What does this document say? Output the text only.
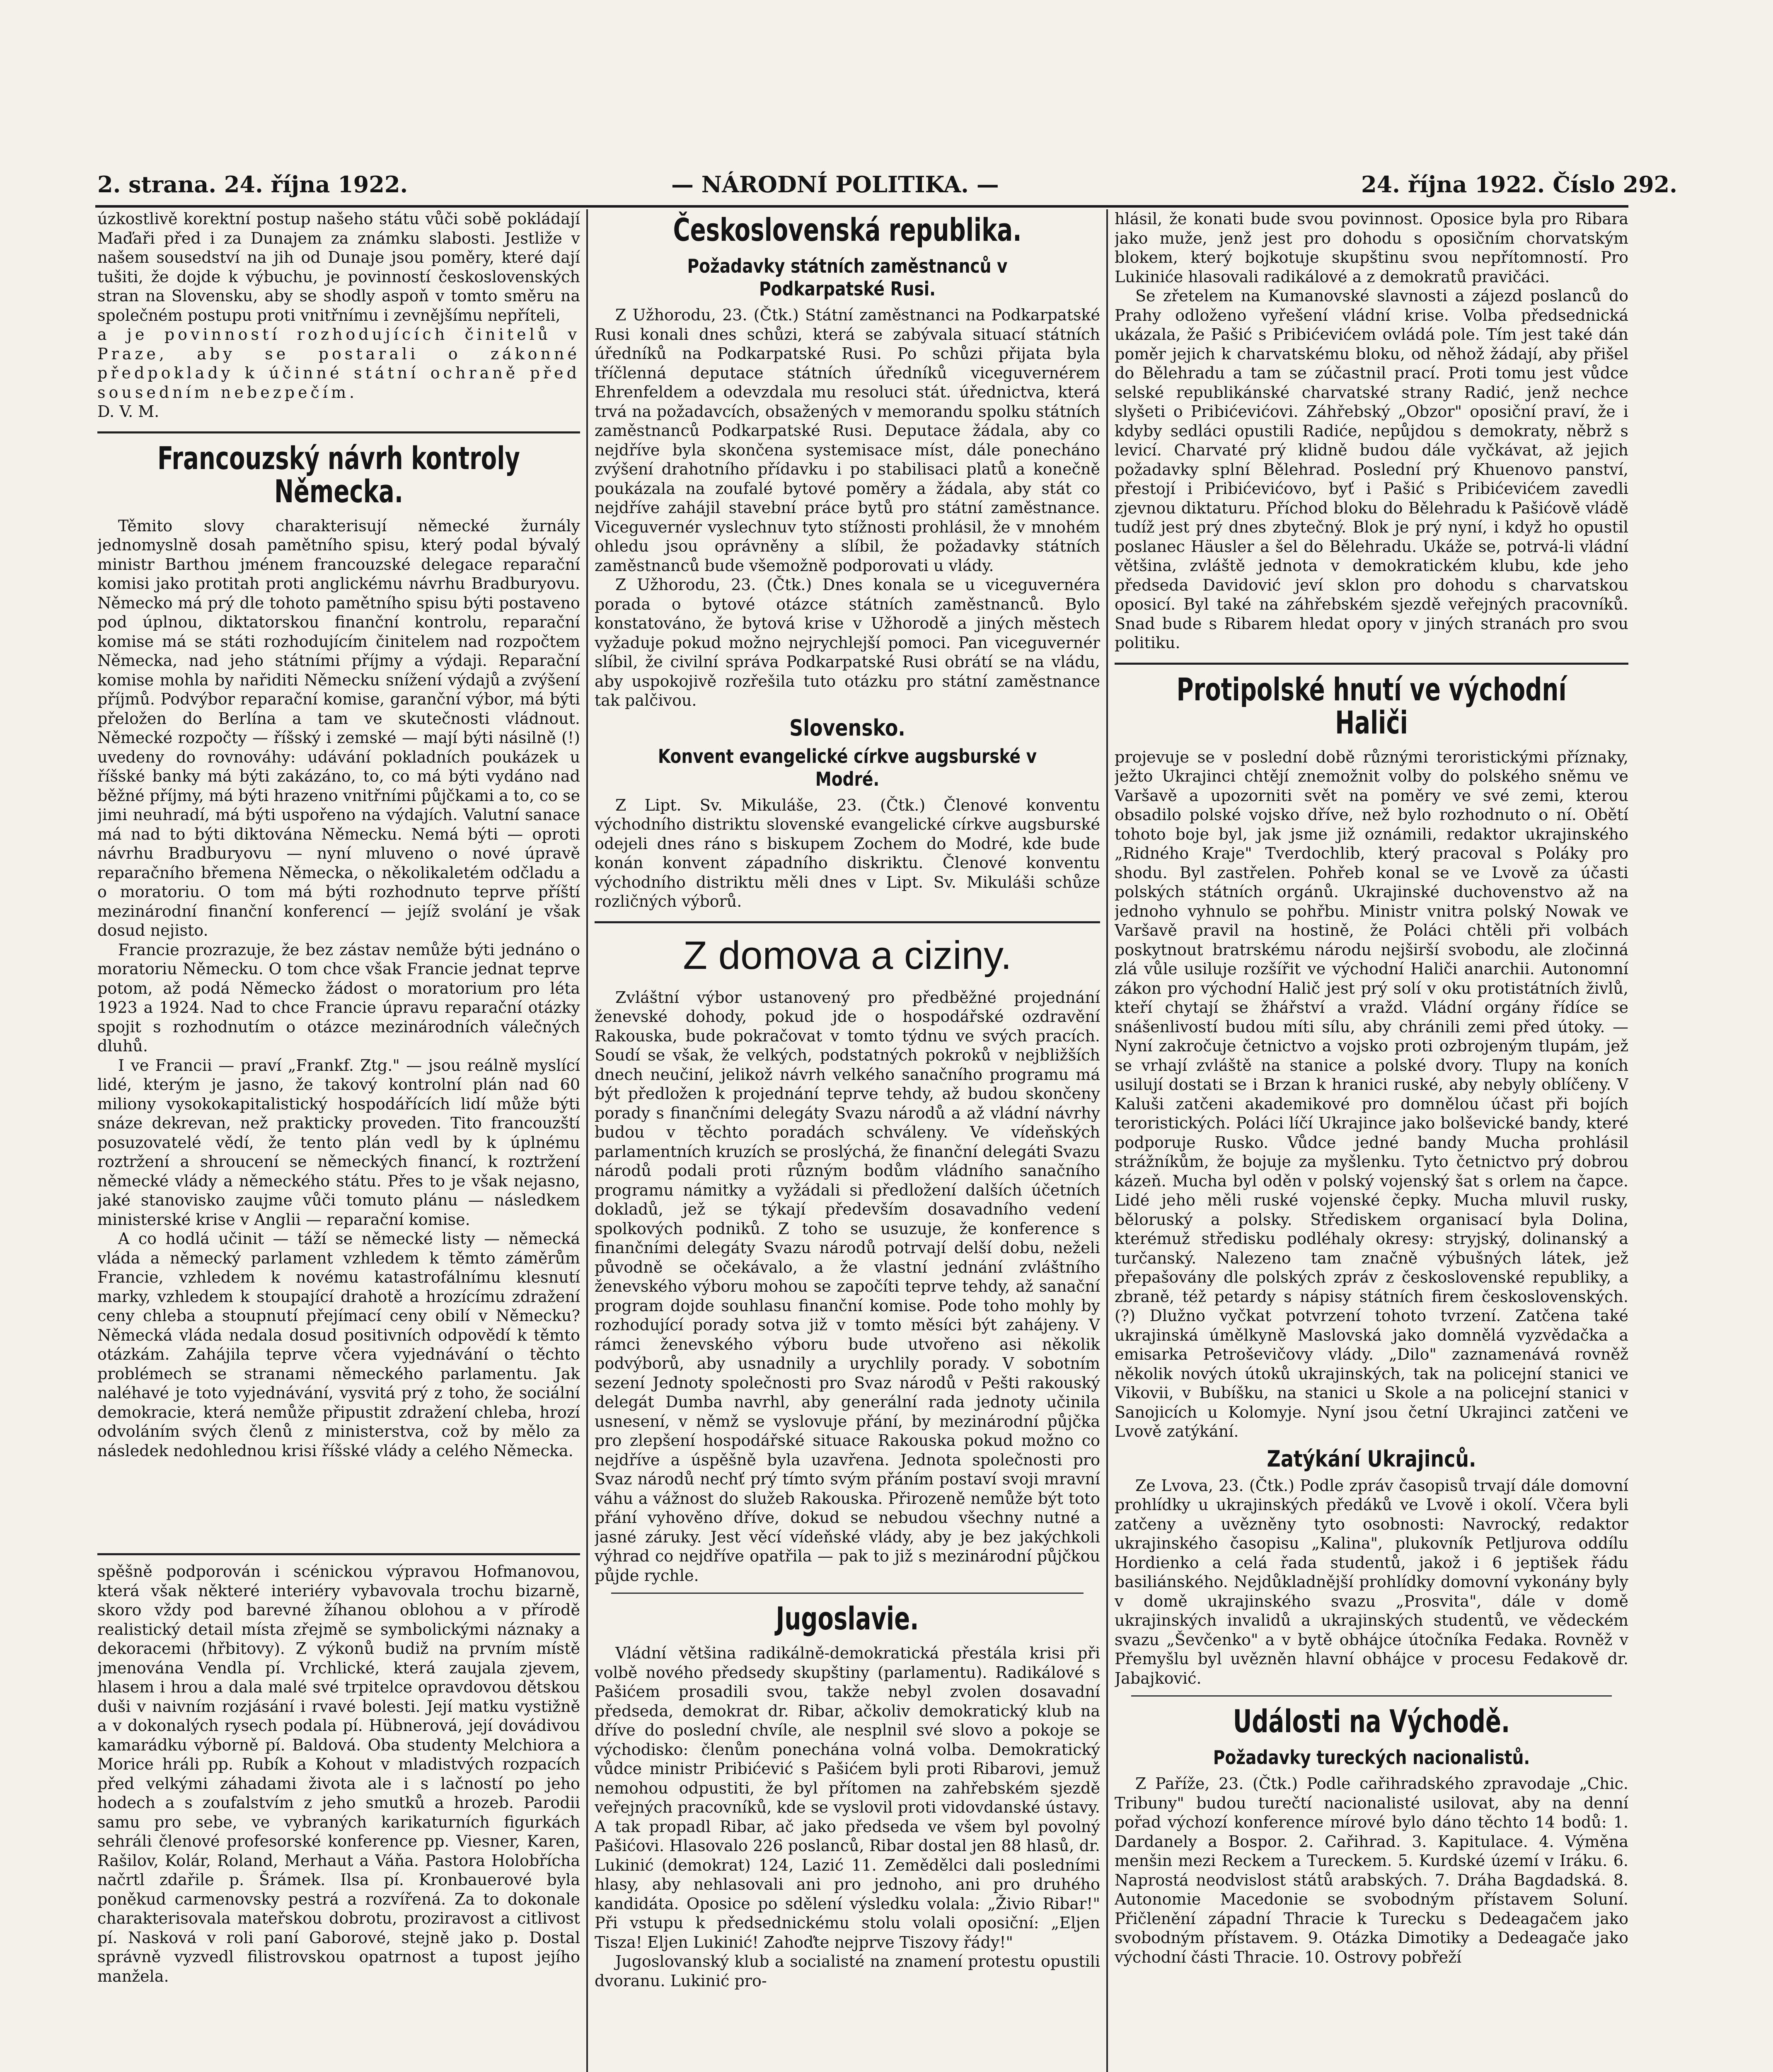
2. strana. 24. října 1922.	— NÁRODNÍ POLITIKA. —	24. října 1922. Číslo 292.

úzkostlivě korektní postup našeho státu vůči sobě pokládají Maďaři před i za Dunajem za známku slabosti. Jestliže v našem sousedství na jih od Dunaje jsou poměry, které dají tušiti, že dojde k výbuchu, je povinností československých stran na Slovensku, aby se shodly aspoň v tomto směru na společném postupu proti vnitřnímu i zevnějšímu nepříteli,

a je povinností rozhodujících činitelů v Praze, aby se postarali o zákonné předpoklady k účinné státní ochraně před sousedním nebezpečím.

D. V. M.

Francouzský návrh kontroly Německa.

Těmito slovy charakterisují německé žurnály jednomyslně dosah pamětního spisu, který podal bývalý ministr Barthou jménem francouzské delegace reparační komisi jako protitah proti anglickému návrhu Bradburyovu. Německo má prý dle tohoto pamětního spisu býti postaveno pod úplnou, diktatorskou finanční kontrolu, reparační komise má se státi rozhodujícím činitelem nad rozpočtem Německa, nad jeho státními příjmy a výdaji. Reparační komise mohla by nařiditi Německu snížení výdajů a zvýšení příjmů. Podvýbor reparační komise, garanční výbor, má býti přeložen do Berlína a tam ve skutečnosti vládnout. Německé rozpočty — říšský i zemské — mají býti násilně (!) uvedeny do rovnováhy: udávání pokladních poukázek u říšské banky má býti zakázáno, to, co má býti vydáno nad běžné příjmy, má býti hrazeno vnitřními půjčkami a to, co se jimi neuhradí, má býti uspořeno na výdajích. Valutní sanace má nad to býti diktována Německu. Nemá býti — oproti návrhu Bradburyovu — nyní mluveno o nové úpravě reparačního břemena Německa, o několikaletém odčladu a o moratoriu. O tom má býti rozhodnuto teprve příští mezinárodní finanční konferencí — jejíž svolání je však dosud nejisto.

Francie prozrazuje, že bez zástav nemůže býti jednáno o moratoriu Německu. O tom chce však Francie jednat teprve potom, až podá Německo žádost o moratorium pro léta 1923 a 1924. Nad to chce Francie úpravu reparační otázky spojit s rozhodnutím o otázce mezinárodních válečných dluhů.

I ve Francii — praví „Frankf. Ztg." — jsou reálně myslící lidé, kterým je jasno, že takový kontrolní plán nad 60 miliony vysokokapitalistický hospodářících lidí může býti snáze dekrevan, než prakticky proveden. Tito francouzští posuzovatelé vědí, že tento plán vedl by k úplnému roztržení a shroucení se německých financí, k roztržení německé vlády a německého státu. Přes to je však nejasno, jaké stanovisko zaujme vůči tomuto plánu — následkem ministerské krise v Anglii — reparační komise.

A co hodlá učinit — táží se německé listy — německá vláda a německý parlament vzhledem k těmto záměrům Francie, vzhledem k novému katastrofálnímu klesnutí marky, vzhledem k stoupající drahotě a hrozícímu zdražení ceny chleba a stoupnutí přejímací ceny obilí v Německu? Německá vláda nedala dosud positivních odpovědí k těmto otázkám. Zahájila teprve včera vyjednávání o těchto problémech se stranami německého parlamentu. Jak naléhavé je toto vyjednávání, vysvitá prý z toho, že sociální demokracie, která nemůže připustit zdražení chleba, hrozí odvoláním svých členů z ministerstva, což by mělo za následek nedohlednou krisi říšské vlády a celého Německa.

spěšně podporován i scénickou výpravou Hofmanovou, která však některé interiéry vybavovala trochu bizarně, skoro vždy pod barevné žíhanou oblohou a v přírodě realistický detail místa zřejmě se symbolickými náznaky a dekoracemi (hřbitovy). Z výkonů budiž na prvním místě jmenována Vendla pí. Vrchlické, která zaujala zjevem, hlasem i hrou a dala malé své trpitelce opravdovou dětskou duši v naivním rozjásání i rvavé bolesti. Její matku vystižně a v dokonalých rysech podala pí. Hübnerová, její dovádivou kamarádku výborně pí. Baldová. Oba studenty Melchiora a Morice hráli pp. Rubík a Kohout v mladistvých rozpacích před velkými záhadami života ale i s lačností po jeho hodech a s zoufalstvím z jeho smutků a hrozeb. Parodii samu pro sebe, ve vybraných karikaturních figurkách sehráli členové profesorské konference pp. Viesner, Karen, Rašilov, Kolár, Roland, Merhaut a Váňa. Pastora Holobřícha načrtl zdařile p. Šrámek. Ilsa pí. Kronbauerové byla poněkud carmenovsky pestrá a rozvířená. Za to dokonale charakterisovala mateřskou dobrotu, proziravost a citlivost pí. Nasková v roli paní Gaborové, stejně jako p. Dostal správně vyzvedl filistrovskou opatrnost a tupost jejího manžela.

Československá republika.
Požadavky státních zaměstnanců v Podkarpatské Rusi.

Z Užhorodu, 23. (Čtk.) Státní zaměstnanci na Podkarpatské Rusi konali dnes schůzi, která se zabývala situací státních úředníků na Podkarpatské Rusi. Po schůzi přijata byla tříčlenná deputace státních úředníků viceguvernérem Ehrenfeldem a odevzdala mu resoluci stát. úřednictva, která trvá na požadavcích, obsažených v memorandu spolku státních zaměstnanců Podkarpatské Rusi. Deputace žádala, aby co nejdříve byla skončena systemisace míst, dále ponecháno zvýšení drahotního přídavku i po stabilisaci platů a konečně poukázala na zoufalé bytové poměry a žádala, aby stát co nejdříve zahájil stavební práce bytů pro státní zaměstnance. Viceguvernér vyslechnuv tyto stížnosti prohlásil, že v mnohém ohledu jsou oprávněny a slíbil, že požadavky státních zaměstnanců bude všemožně podporovati u vlády.

Z Užhorodu, 23. (Čtk.) Dnes konala se u viceguvernéra porada o bytové otázce státních zaměstnanců. Bylo konstatováno, že bytová krise v Užhorodě a jiných městech vyžaduje pokud možno nejrychlejší pomoci. Pan viceguvernér slíbil, že civilní správa Podkarpatské Rusi obrátí se na vládu, aby uspokojivě rozřešila tuto otázku pro státní zaměstnance tak palčivou.

Slovensko.
Konvent evangelické církve augsburské v Modré.

Z Lipt. Sv. Mikuláše, 23. (Čtk.) Členové konventu východního distriktu slovenské evangelické církve augsburské odejeli dnes ráno s biskupem Zochem do Modré, kde bude konán konvent západního diskriktu. Členové konventu východního distriktu měli dnes v Lipt. Sv. Mikuláši schůze rozličných výborů.

Z domova a ciziny.

Zvláštní výbor ustanovený pro předběžné projednání ženevské dohody, pokud jde o hospodářské ozdravění Rakouska, bude pokračovat v tomto týdnu ve svých pracích. Soudí se však, že velkých, podstatných pokroků v nejbližších dnech neučiní, jelikož návrh velkého sanačního programu má být předložen k projednání teprve tehdy, až budou skončeny porady s finančními delegáty Svazu národů a až vládní návrhy budou v těchto poradách schváleny. Ve vídeňských parlamentních kruzích se proslýchá, že finanční delegáti Svazu národů podali proti různým bodům vládního sanačního programu námitky a vyžádali si předložení dalších účetních dokladů, jež se týkají především dosavadního vedení spolkových podniků. Z toho se usuzuje, že konference s finančními delegáty Svazu národů potrvají delší dobu, neželi původně se očekávalo, a že vlastní jednání zvláštního ženevského výboru mohou se započíti teprve tehdy, až sanační program dojde souhlasu finanční komise. Pode toho mohly by rozhodující porady sotva již v tomto měsíci být zahájeny. V rámci ženevského výboru bude utvořeno asi několik podvýborů, aby usnadnily a urychlily porady. V sobotním sezení Jednoty společnosti pro Svaz národů v Pešti rakouský delegát Dumba navrhl, aby generální rada jednoty učinila usnesení, v němž se vyslovuje přání, by mezinárodní půjčka pro zlepšení hospodářské situace Rakouska pokud možno co nejdříve a úspěšně byla uzavřena. Jednota společnosti pro Svaz národů nechť prý tímto svým přáním postaví svoji mravní váhu a vážnost do služeb Rakouska. Přirozeně nemůže být toto přání vyhověno dříve, dokud se nebudou všechny nutné a jasné záruky. Jest věcí vídeňské vlády, aby je bez jakýchkoli výhrad co nejdříve opatřila — pak to již s mezinárodní půjčkou půjde rychle.

Jugoslavie.

Vládní většina radikálně-demokratická přestála krisi při volbě nového předsedy skupštiny (parlamentu). Radikálové s Pašićem prosadili svou, takže nebyl zvolen dosavadní předseda, demokrat dr. Ribar, ačkoliv demokratický klub na dříve do poslední chvíle, ale nesplnil své slovo a pokoje se východisko: členům ponechána volná volba. Demokratický vůdce ministr Pribićević s Pašićem byli proti Ribarovi, jemuž nemohou odpustiti, že byl přítomen na zahřebském sjezdě veřejných pracovníků, kde se vyslovil proti vidovdanské ústavy. A tak propadl Ribar, ač jako předseda ve všem byl povolný Pašićovi. Hlasovalo 226 poslanců, Ribar dostal jen 88 hlasů, dr. Lukinić (demokrat) 124, Lazić 11. Zemědělci dali posledními hlasy, aby nehlasovali ani pro jednoho, ani pro druhého kandidáta. Oposice po sdělení výsledku volala: „Živio Ribar!" Při vstupu k předsednickému stolu volali oposiční: „Eljen Tisza! Eljen Lukinić! Zahoďte nejprve Tiszovy řády!"

Jugoslovanský klub a socialisté na znamení protestu opustili dvoranu. Lukinić pro-

hlásil, že konati bude svou povinnost. Oposice byla pro Ribara jako muže, jenž jest pro dohodu s oposičním chorvatským blokem, který bojkotuje skupštinu svou nepřítomností. Pro Lukiniće hlasovali radikálové a z demokratů pravičáci.

Se zřetelem na Kumanovské slavnosti a zájezd poslanců do Prahy odloženo vyřešení vládní krise. Volba předsednická ukázala, že Pašić s Pribićevićem ovládá pole. Tím jest také dán poměr jejich k charvatskému bloku, od něhož žádají, aby přišel do Bělehradu a tam se zúčastnil prací. Proti tomu jest vůdce selské republikánské charvatské strany Radić, jenž nechce slyšeti o Pribićevićovi. Záhřebský „Obzor" oposiční praví, že i kdyby sedláci opustili Radiće, nepůjdou s demokraty, něbrž s levicí. Charvaté prý klidně budou dále vyčkávat, až jejich požadavky splní Bělehrad. Poslední prý Khuenovo panství, přestojí i Pribićevićovo, byť i Pašić s Pribićevićem zavedli zjevnou diktaturu. Příchod bloku do Bělehradu k Pašićově vládě tudíž jest prý dnes zbytečný. Blok je prý nyní, i když ho opustil poslanec Häusler a šel do Bělehradu. Ukáže se, potrvá-li vládní většina, zvláště jednota v demokratickém klubu, kde jeho předseda Davidović jeví sklon pro dohodu s charvatskou oposicí. Byl také na záhřebském sjezdě veřejných pracovníků. Snad bude s Ribarem hledat opory v jiných stranách pro svou politiku.

Protipolské hnutí ve východní Haliči

projevuje se v poslední době různými teroristickými příznaky, ježto Ukrajinci chtějí znemožnit volby do polského sněmu ve Varšavě a upozorniti svět na poměry ve své zemi, kterou obsadilo polské vojsko dříve, než bylo rozhodnuto o ní. Obětí tohoto boje byl, jak jsme již oznámili, redaktor ukrajinského „Ridného Kraje" Tverdochlib, který pracoval s Poláky pro shodu. Byl zastřelen. Pohřeb konal se ve Lvově za účasti polských státních orgánů. Ukrajinské duchovenstvo až na jednoho vyhnulo se pohřbu. Ministr vnitra polský Nowak ve Varšavě pravil na hostině, že Poláci chtěli při volbách poskytnout bratrskému národu nejširší svobodu, ale zločinná zlá vůle usiluje rozšířit ve východní Haliči anarchii. Autonomní zákon pro východní Halič jest prý solí v oku protistátních živlů, kteří chytají se žhářství a vražd. Vládní orgány řídíce se snášenlivostí budou míti sílu, aby chránili zemi před útoky. — Nyní zakročuje četnictvo a vojsko proti ozbrojeným tlupám, jež se vrhají zvláště na stanice a polské dvory. Tlupy na koních usilují dostati se i Brzan k hranici ruské, aby nebyly oblíčeny. V Kaluši zatčeni akademikové pro domnělou účast při bojích teroristických. Poláci líčí Ukrajince jako bolševické bandy, které podporuje Rusko. Vůdce jedné bandy Mucha prohlásil strážníkům, že bojuje za myšlenku. Tyto četnictvo prý dobrou kázeň. Mucha byl oděn v polský vojenský šat s orlem na čapce. Lidé jeho měli ruské vojenské čepky. Mucha mluvil rusky, běloruský a polsky. Střediskem organisací byla Dolina, kterémuž středisku podléhaly okresy: stryjský, dolinanský a turčanský. Nalezeno tam značně výbušných látek, jež přepašovány dle polských zpráv z československé republiky, a zbraně, též petardy s nápisy státních firem československých. (?) Dlužno vyčkat potvrzení tohoto tvrzení. Zatčena také ukrajinská úmělkyně Maslovská jako domnělá vyzvědačka a emisarka Petroševičovy vlády. „Dilo" zaznamenává rovněž několik nových útoků ukrajinských, tak na policejní stanici ve Vikovii, v Bubíšku, na stanici u Skole a na policejní stanici v Sanojicích u Kolomyje. Nyní jsou četní Ukrajinci zatčeni ve Lvově zatýkání.

Zatýkání Ukrajinců.

Ze Lvova, 23. (Čtk.) Podle zpráv časopisů trvají dále domovní prohlídky u ukrajinských předáků ve Lvově i okolí. Včera byli zatčeny a uvězněny tyto osobnosti: Navrocký, redaktor ukrajinského časopisu „Kalina", plukovník Petljurova oddílu Hordienko a celá řada studentů, jakož i 6 jeptišek řádu basiliánského. Nejdůkladnější prohlídky domovní vykonány byly v domě ukrajinského svazu „Prosvita", dále v domě ukrajinských invalidů a ukrajinských studentů, ve vědeckém svazu „Ševčenko" a v bytě obhájce útočníka Fedaka. Rovněž v Přemyšlu byl uvězněn hlavní obhájce v procesu Fedakově dr. Jabajković.

Události na Východě.
Požadavky tureckých nacionalistů.

Z Paříže, 23. (Čtk.) Podle cařihradského zpravodaje „Chic. Tribuny" budou turečtí nacionalisté usilovat, aby na denní pořad výchozí konference mírové bylo dáno těchto 14 bodů: 1. Dardanely a Bospor. 2. Cařihrad. 3. Kapitulace. 4. Výměna menšin mezi Reckem a Tureckem. 5. Kurdské území v Iráku. 6. Naprostá neodvislost států arabských. 7. Dráha Bagdadská. 8. Autonomie Macedonie se svobodným přístavem Soluní. Přičlenění západní Thracie k Turecku s Dedeagačem jako svobodným přístavem. 9. Otázka Dimotiky a Dedeagače jako východní části Thracie. 10. Ostrovy pobřeží
